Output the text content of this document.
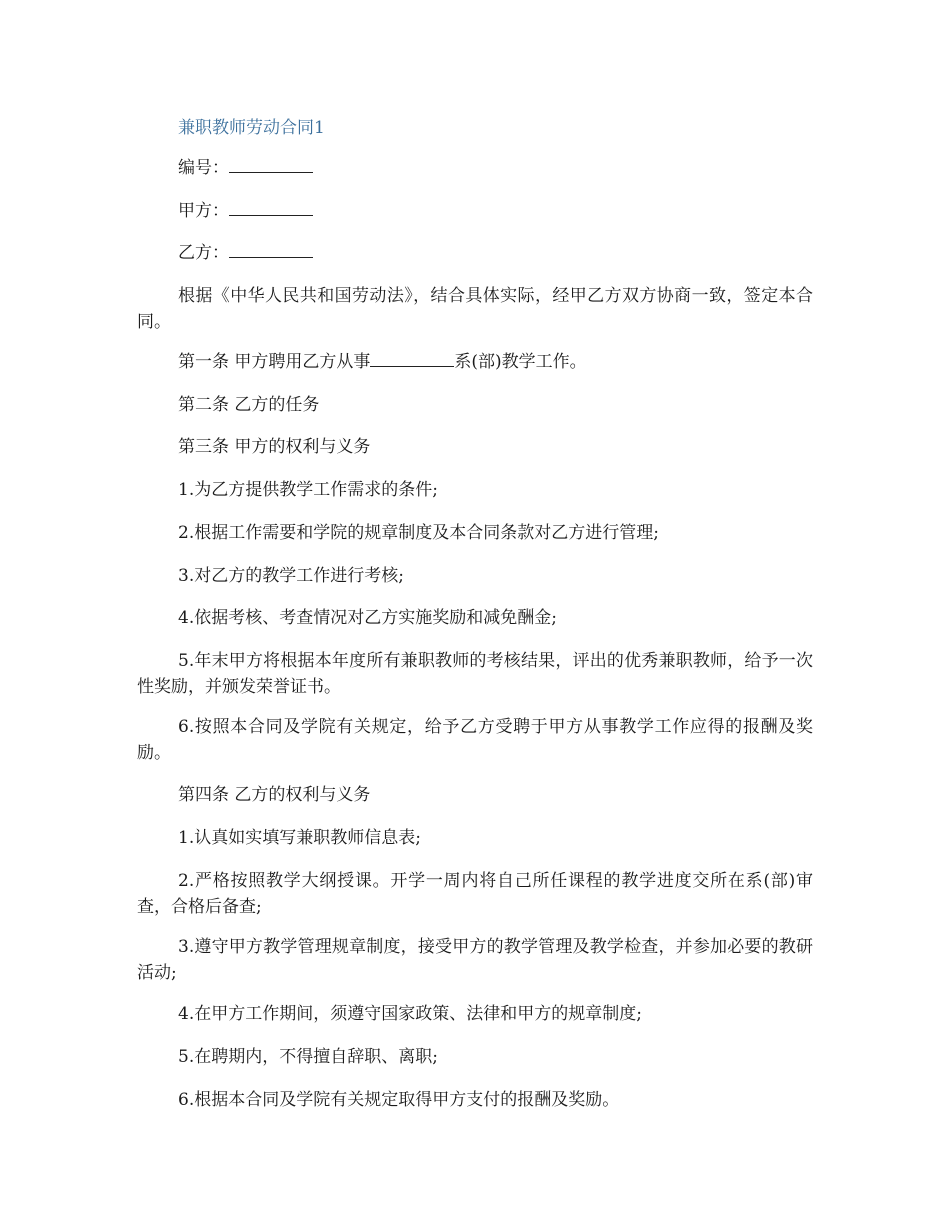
兼职教师劳动合同1
编号：
甲方：
乙方：
根据《中华人民共和国劳动法》，结合具体实际，经甲乙方双方协商一致，签定本合同。
第一条 甲方聘用乙方从事	系(部)教学工作。
第二条 乙方的任务
第三条 甲方的权利与义务
1.为乙方提供教学工作需求的条件;
2.根据工作需要和学院的规章制度及本合同条款对乙方进行管理;
3.对乙方的教学工作进行考核;
4.依据考核、考查情况对乙方实施奖励和减免酬金;
5.年末甲方将根据本年度所有兼职教师的考核结果，评出的优秀兼职教师，给予一次性奖励，并颁发荣誉证书。
6.按照本合同及学院有关规定，给予乙方受聘于甲方从事教学工作应得的报酬及奖励。
第四条 乙方的权利与义务
1.认真如实填写兼职教师信息表;
2.严格按照教学大纲授课。开学一周内将自己所任课程的教学进度交所在系(部)审查，合格后备查;
3.遵守甲方教学管理规章制度，接受甲方的教学管理及教学检查，并参加必要的教研活动;
4.在甲方工作期间，须遵守国家政策、法律和甲方的规章制度;
5.在聘期内，不得擅自辞职、离职;
6.根据本合同及学院有关规定取得甲方支付的报酬及奖励。
